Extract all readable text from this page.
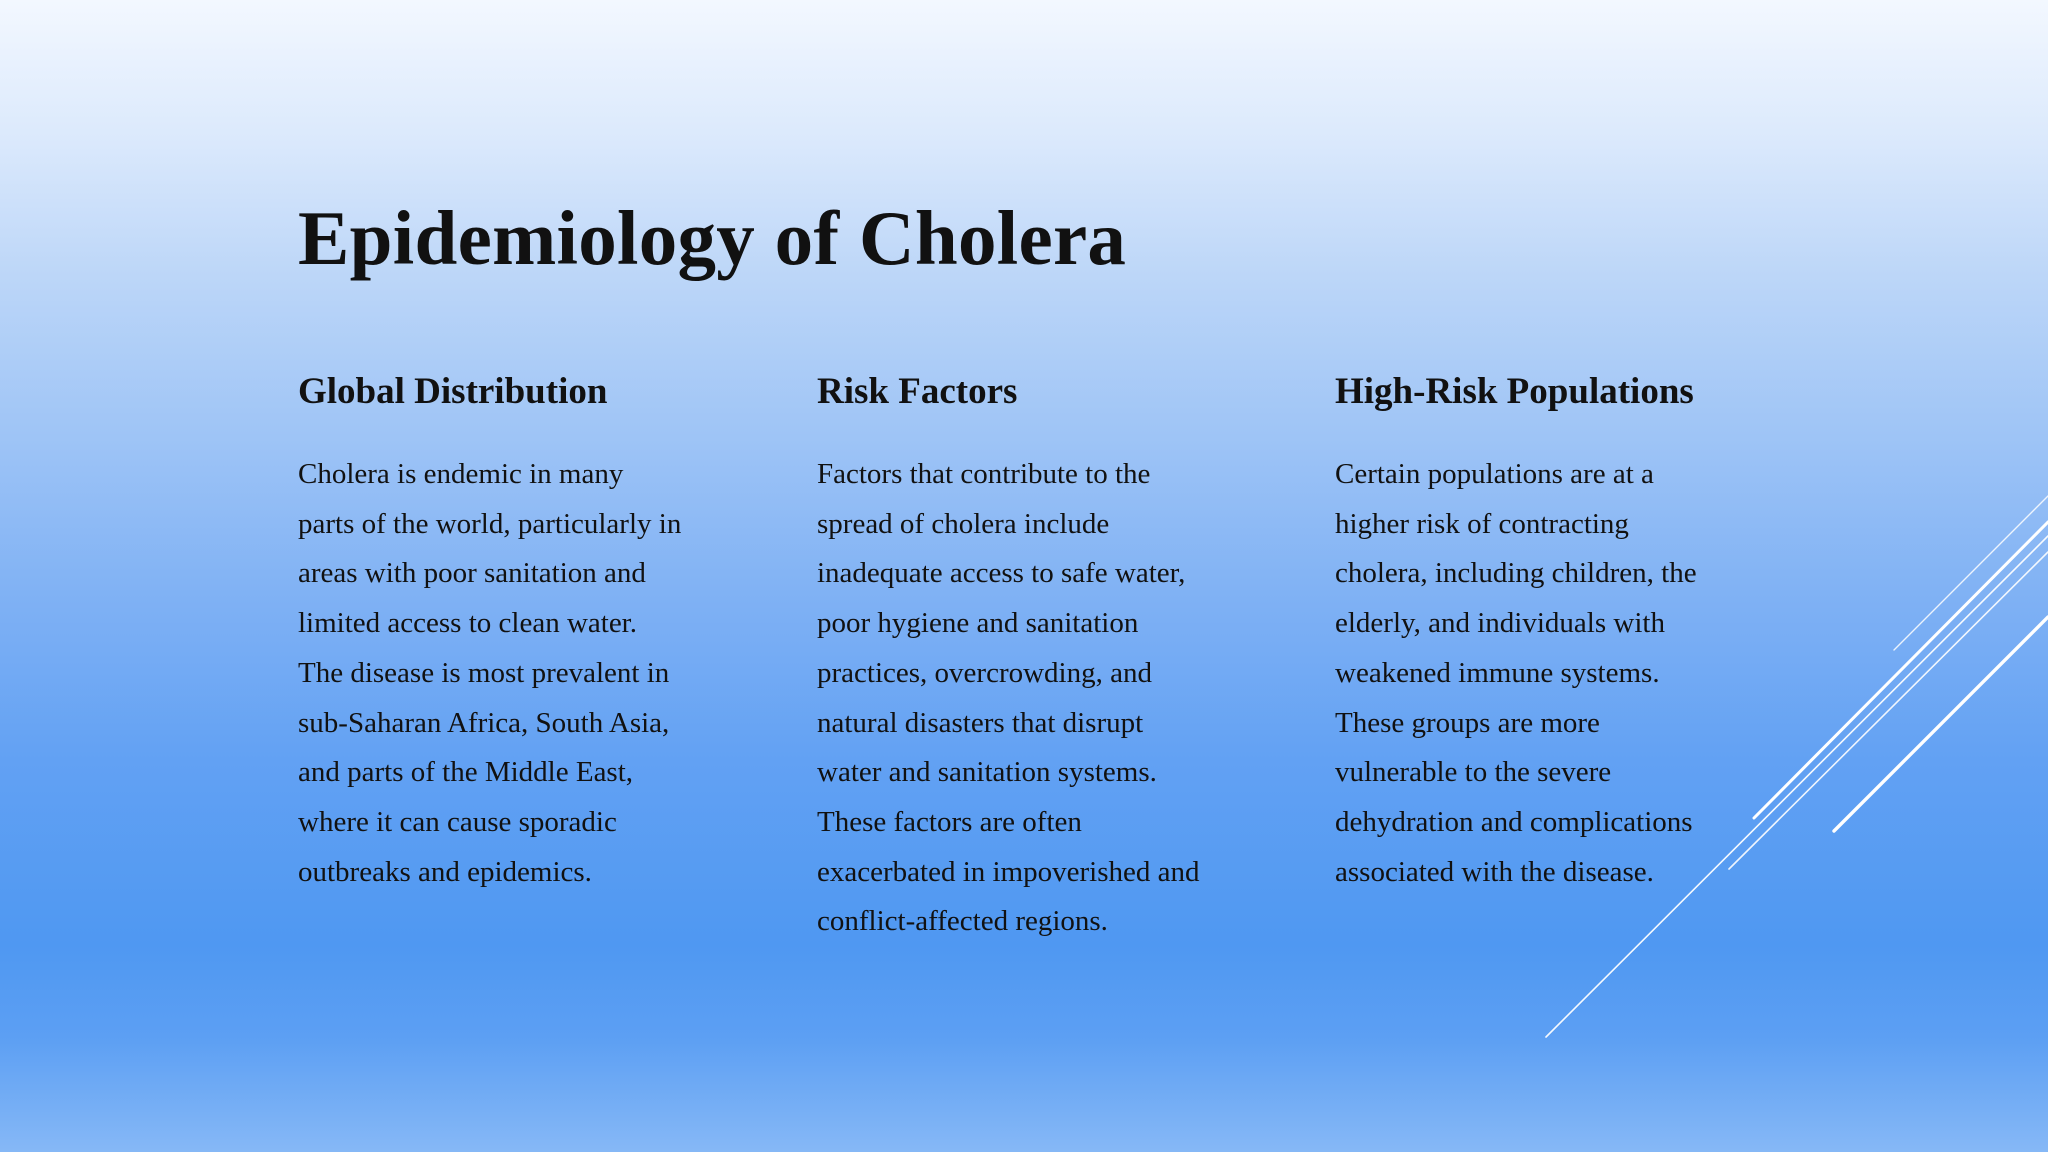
Epidemiology of Cholera
Global Distribution

Cholera is endemic in many
parts of the world, particularly in
areas with poor sanitation and
limited access to clean water.
The disease is most prevalent in
sub-Saharan Africa, South Asia,
and parts of the Middle East,
where it can cause sporadic
outbreaks and epidemics.

Risk Factors

Factors that contribute to the
spread of cholera include
inadequate access to safe water,
poor hygiene and sanitation
practices, overcrowding, and
natural disasters that disrupt
water and sanitation systems.
These factors are often
exacerbated in impoverished and
conflict-affected regions.

High-Risk Populations

Certain populations are at a
higher risk of contracting
cholera, including children, the
elderly, and individuals with
weakened immune systems.
These groups are more
vulnerable to the severe
dehydration and complications
associated with the disease.
